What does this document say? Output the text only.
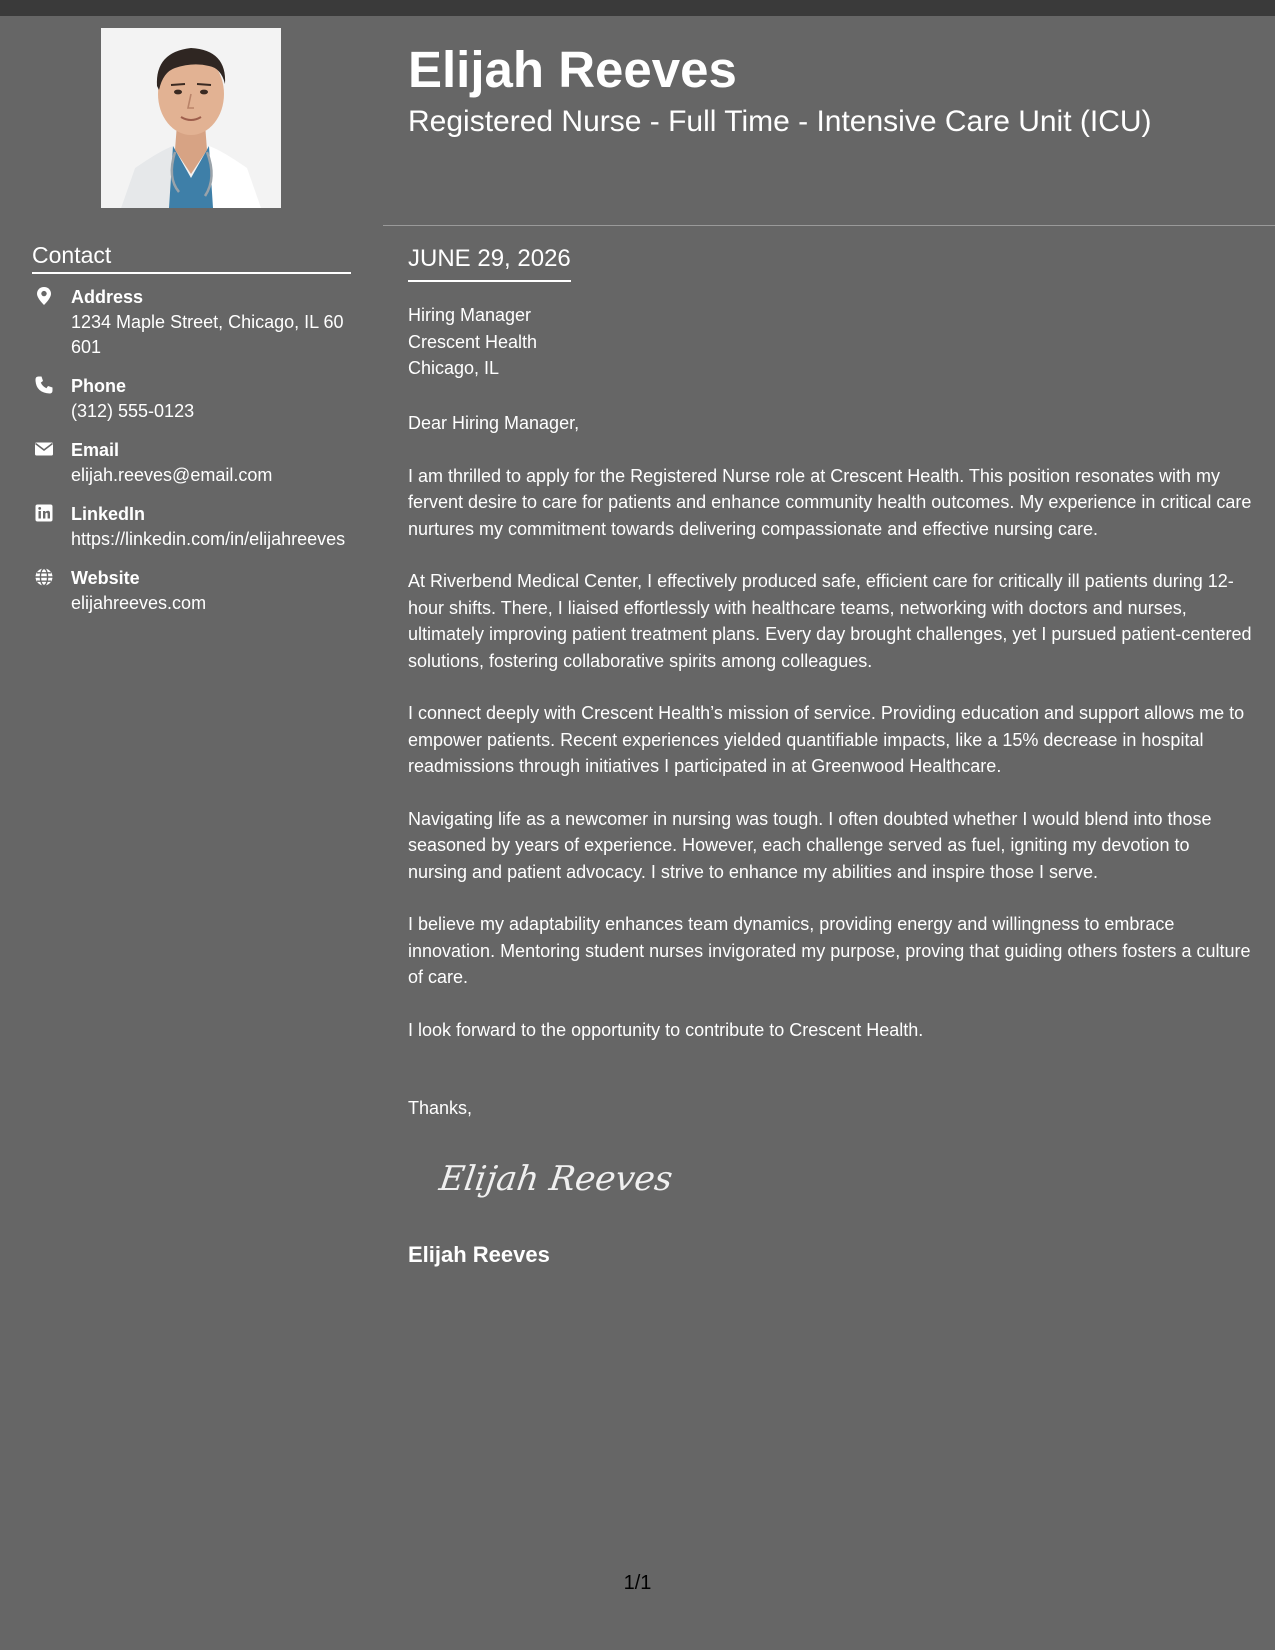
Contact
Address
1234 Maple Street, Chicago, IL 60601
Phone
(312) 555-0123
Email
elijah.reeves@email.com
LinkedIn
https://linkedin.com/in/elijahreeves
Website
elijahreeves.com
Elijah Reeves
Registered Nurse - Full Time - Intensive Care Unit (ICU)
JUNE 29, 2026
Hiring Manager
Crescent Health
Chicago, IL

Dear Hiring Manager,

I am thrilled to apply for the Registered Nurse role at Crescent Health. This position resonates with my fervent desire to care for patients and enhance community health outcomes. My experience in critical care nurtures my commitment towards delivering compassionate and effective nursing care.

At Riverbend Medical Center, I effectively produced safe, efficient care for critically ill patients during 12-hour shifts. There, I liaised effortlessly with healthcare teams, networking with doctors and nurses, ultimately improving patient treatment plans. Every day brought challenges, yet I pursued patient-centered solutions, fostering collaborative spirits among colleagues.

I connect deeply with Crescent Health’s mission of service. Providing education and support allows me to empower patients. Recent experiences yielded quantifiable impacts, like a 15% decrease in hospital readmissions through initiatives I participated in at Greenwood Healthcare.

Navigating life as a newcomer in nursing was tough. I often doubted whether I would blend into those seasoned by years of experience. However, each challenge served as fuel, igniting my devotion to nursing and patient advocacy. I strive to enhance my abilities and inspire those I serve.

I believe my adaptability enhances team dynamics, providing energy and willingness to embrace innovation. Mentoring student nurses invigorated my purpose, proving that guiding others fosters a culture of care.

I look forward to the opportunity to contribute to Crescent Health.

Thanks,
Elijah Reeves
Elijah Reeves
1/1
